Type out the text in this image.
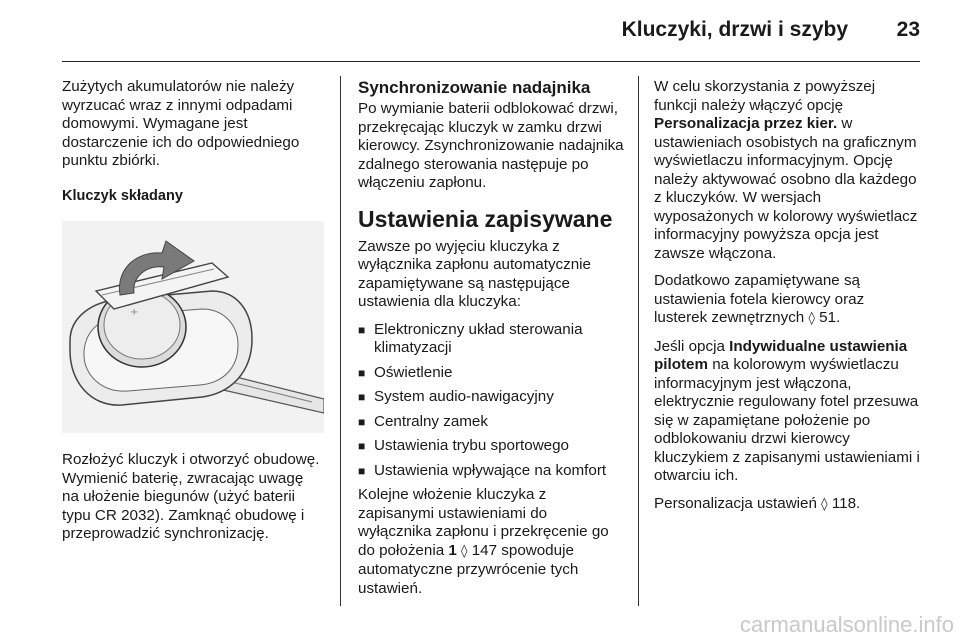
Kluczyki, drzwi i szyby 23

Zużytych akumulatorów nie należy wyrzucać wraz z innymi odpadami domowymi. Wymagane jest dostarczenie ich do odpowiedniego punktu zbiórki.

Kluczyk składany
+

Rozłożyć kluczyk i otworzyć obudowę. Wymienić baterię, zwracając uwagę na ułożenie biegunów (użyć baterii typu CR 2032). Zamknąć obudowę i przeprowadzić synchronizację.

Synchronizowanie nadajnika

Po wymianie baterii odblokować drzwi, przekręcając kluczyk w zamku drzwi kierowcy. Zsynchronizowanie nadajnika zdalnego sterowania następuje po włączeniu zapłonu.

Ustawienia zapisywane

Zawsze po wyjęciu kluczyka z wyłącznika zapłonu automatycznie zapamiętywane są następujące ustawienia dla kluczyka:

■ Elektroniczny układ sterowania klimatyzacji
■ Oświetlenie
■ System audio-nawigacyjny
■ Centralny zamek
■ Ustawienia trybu sportowego
■ Ustawienia wpływające na komfort

Kolejne włożenie kluczyka z zapisanymi ustawieniami do wyłącznika zapłonu i przekręcenie go do położenia 1 ◊ 147 spowoduje automatyczne przywrócenie tych ustawień.

W celu skorzystania z powyższej funkcji należy włączyć opcję Personalizacja przez kier. w ustawieniach osobistych na graficznym wyświetlaczu informacyjnym. Opcję należy aktywować osobno dla każdego z kluczyków. W wersjach wyposażonych w kolorowy wyświetlacz informacyjny powyższa opcja jest zawsze włączona.

Dodatkowo zapamiętywane są ustawienia fotela kierowcy oraz lusterek zewnętrznych ◊ 51.

Jeśli opcja Indywidualne ustawienia pilotem na kolorowym wyświetlaczu informacyjnym jest włączona, elektrycznie regulowany fotel przesuwa się w zapamiętane położenie po odblokowaniu drzwi kierowcy kluczykiem z zapisanymi ustawieniami i otwarciu ich.

Personalizacja ustawień ◊ 118.

carmanualsonline.info
